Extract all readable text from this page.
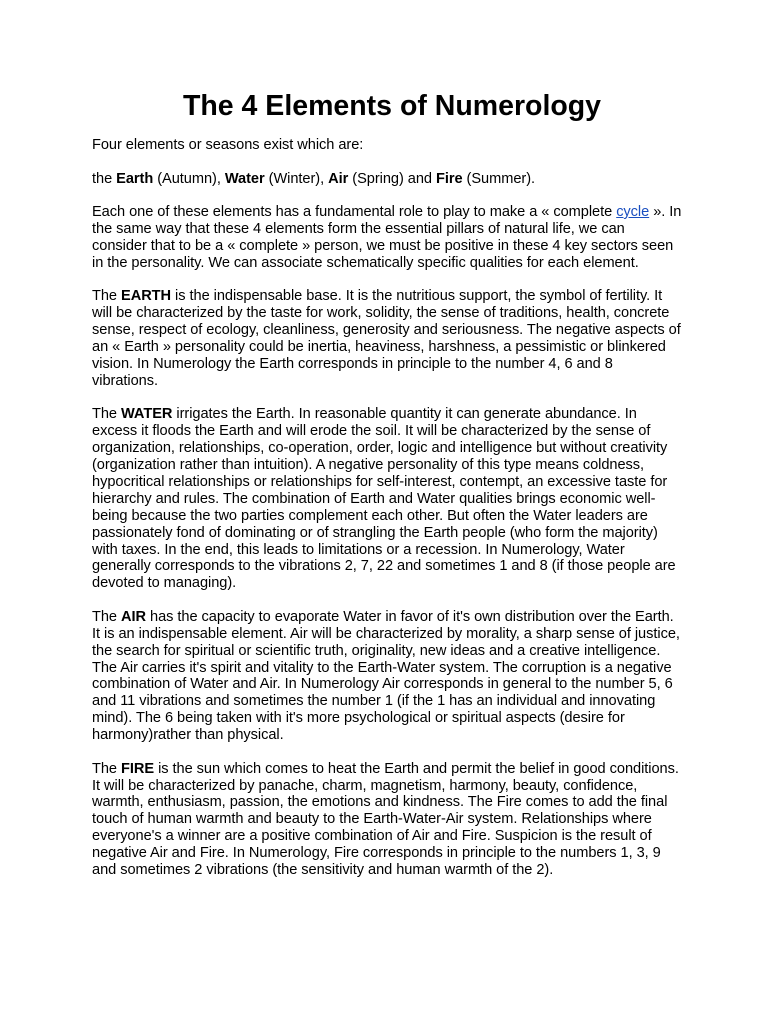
The 4 Elements of Numerology

Four elements or seasons exist which are:

the Earth (Autumn), Water (Winter), Air (Spring) and Fire (Summer).

Each one of these elements has a fundamental role to play to make a « complete cycle ». In the same way that these 4 elements form the essential pillars of natural life, we can consider that to be a « complete » person, we must be positive in these 4 key sectors seen in the personality. We can associate schematically specific qualities for each element.

The EARTH is the indispensable base. It is the nutritious support, the symbol of fertility. It will be characterized by the taste for work, solidity, the sense of traditions, health, concrete sense, respect of ecology, cleanliness, generosity and seriousness. The negative aspects of an « Earth » personality could be inertia, heaviness, harshness, a pessimistic or blinkered vision. In Numerology the Earth corresponds in principle to the number 4, 6 and 8 vibrations.

The WATER irrigates the Earth. In reasonable quantity it can generate abundance. In excess it floods the Earth and will erode the soil. It will be characterized by the sense of organization, relationships, co-operation, order, logic and intelligence but without creativity (organization rather than intuition). A negative personality of this type means coldness, hypocritical relationships or relationships for self-interest, contempt, an excessive taste for hierarchy and rules. The combination of Earth and Water qualities brings economic well-being because the two parties complement each other. But often the Water leaders are passionately fond of dominating or of strangling the Earth people (who form the majority) with taxes. In the end, this leads to limitations or a recession. In Numerology, Water generally corresponds to the vibrations 2, 7, 22 and sometimes 1 and 8 (if those people are devoted to managing).

The AIR has the capacity to evaporate Water in favor of it's own distribution over the Earth. It is an indispensable element. Air will be characterized by morality, a sharp sense of justice, the search for spiritual or scientific truth, originality, new ideas and a creative intelligence. The Air carries it's spirit and vitality to the Earth-Water system. The corruption is a negative combination of Water and Air. In Numerology Air corresponds in general to the number 5, 6 and 11 vibrations and sometimes the number 1 (if the 1 has an individual and innovating mind). The 6 being taken with it's more psychological or spiritual aspects (desire for harmony)rather than physical.

The FIRE is the sun which comes to heat the Earth and permit the belief in good conditions. It will be characterized by panache, charm, magnetism, harmony, beauty, confidence, warmth, enthusiasm, passion, the emotions and kindness. The Fire comes to add the final touch of human warmth and beauty to the Earth-Water-Air system. Relationships where everyone's a winner are a positive combination of Air and Fire. Suspicion is the result of negative Air and Fire. In Numerology, Fire corresponds in principle to the numbers 1, 3, 9 and sometimes 2 vibrations (the sensitivity and human warmth of the 2).
